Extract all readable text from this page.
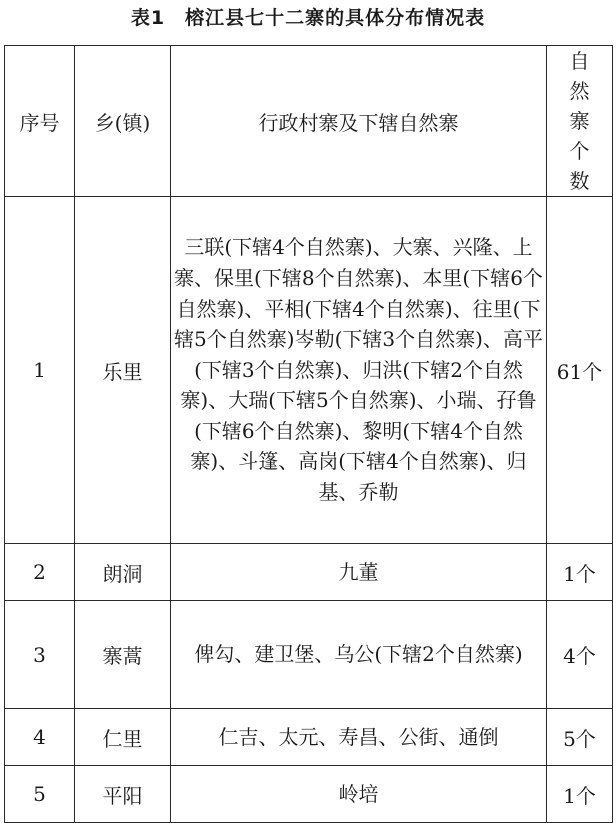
表1　榕江县七十二寨的具体分布情况表
序号	乡(镇)	行政村寨及下辖自然寨	自然寨个数
1	乐里	三联(下辖4个自然寨)、大寨、兴隆、上寨、保里(下辖8个自然寨)、本里(下辖6个自然寨)、平相(下辖4个自然寨)、往里(下辖5个自然寨)岑勒(下辖3个自然寨)、高平(下辖3个自然寨)、归洪(下辖2个自然寨)、大瑞(下辖5个自然寨)、小瑞、孖鲁(下辖6个自然寨)、黎明(下辖4个自然寨)、斗篷、高岗(下辖4个自然寨)、归基、乔勒	61个
2	朗洞	九董	1个
3	寨蒿	俾勾、建卫堡、乌公(下辖2个自然寨)	4个
4	仁里	仁吉、太元、寿昌、公街、通倒	5个
5	平阳	岭培	1个
